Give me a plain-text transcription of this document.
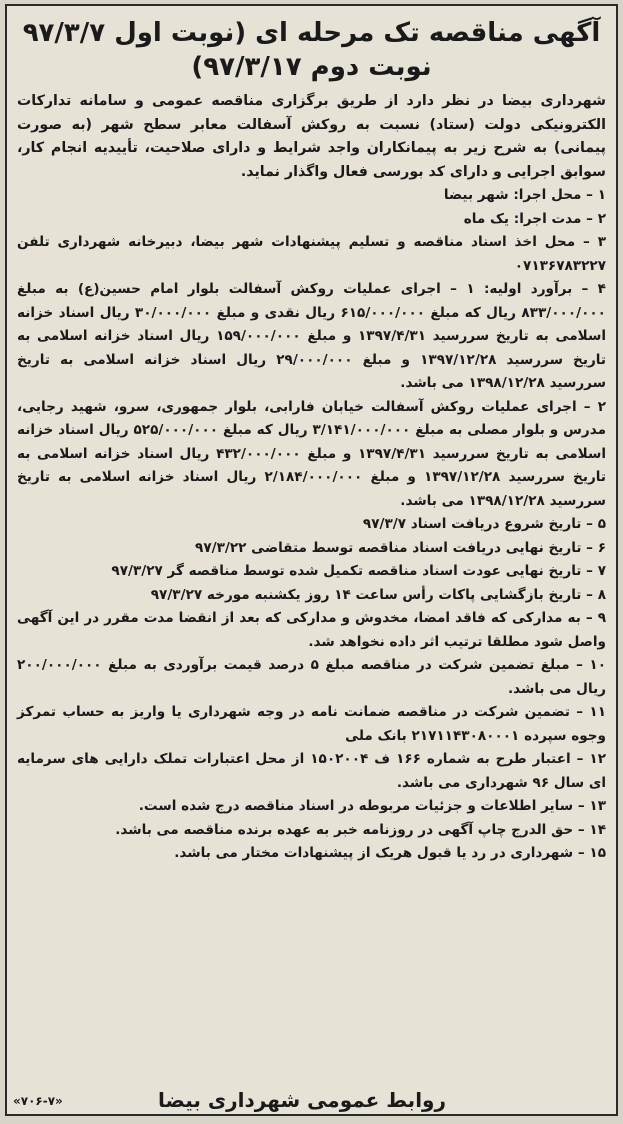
آگهی مناقصه تک مرحله ای (نوبت اول ۹۷/۳/۷
نوبت دوم ۹۷/۳/۱۷)

شهرداری بیضا در نظر دارد از طریق برگزاری مناقصه عمومی و سامانه تدارکات الکترونیکی دولت (ستاد) نسبت به روکش آسفالت معابر سطح شهر (به صورت پیمانی) به شرح زیر به پیمانکاران واجد شرایط و دارای صلاحیت، تأییدیه انجام کار، سوابق اجرایی و دارای کد بورسی فعال واگذار نماید.

۱ – محل اجرا: شهر بیضا
۲ – مدت اجرا: یک ماه
۳ – محل اخذ اسناد مناقصه و تسلیم پیشنهادات شهر بیضا، دبیرخانه شهرداری تلفن ۰۷۱۳۶۷۸۳۲۲۷
۴ – برآورد اولیه: ۱ – اجرای عملیات روکش آسفالت بلوار امام حسین(ع) به مبلغ ۸۳۳/۰۰۰/۰۰۰ ریال که مبلغ ۶۱۵/۰۰۰/۰۰۰ ریال نقدی و مبلغ ۳۰/۰۰۰/۰۰۰ ریال اسناد خزانه اسلامی به تاریخ سررسید ۱۳۹۷/۴/۳۱ و مبلغ ۱۵۹/۰۰۰/۰۰۰ ریال اسناد خزانه اسلامی به تاریخ سررسید ۱۳۹۷/۱۲/۲۸ و مبلغ ۲۹/۰۰۰/۰۰۰ ریال اسناد خزانه اسلامی به تاریخ سررسید ۱۳۹۸/۱۲/۲۸ می باشد.
۲ – اجرای عملیات روکش آسفالت خیابان فارابی، بلوار جمهوری، سرو، شهید رجایی، مدرس و بلوار مصلی به مبلغ ۳/۱۴۱/۰۰۰/۰۰۰ ریال که مبلغ ۵۲۵/۰۰۰/۰۰۰ ریال اسناد خزانه اسلامی به تاریخ سررسید ۱۳۹۷/۴/۳۱ و مبلغ ۴۳۲/۰۰۰/۰۰۰ ریال اسناد خزانه اسلامی به تاریخ سررسید ۱۳۹۷/۱۲/۲۸ و مبلغ ۲/۱۸۴/۰۰۰/۰۰۰ ریال اسناد خزانه اسلامی به تاریخ سررسید ۱۳۹۸/۱۲/۲۸ می باشد.
۵ – تاریخ شروع دریافت اسناد ۹۷/۳/۷
۶ – تاریخ نهایی دریافت اسناد مناقصه توسط متقاضی ۹۷/۳/۲۲
۷ – تاریخ نهایی عودت اسناد مناقصه تکمیل شده توسط مناقصه گر ۹۷/۳/۲۷
۸ – تاریخ بازگشایی پاکات رأس ساعت ۱۴ روز یکشنبه مورخه ۹۷/۳/۲۷
۹ – به مدارکی که فاقد امضا، مخدوش و مدارکی که بعد از انقضا مدت مقرر در این آگهی واصل شود مطلقا ترتیب اثر داده نخواهد شد.
۱۰ – مبلغ تضمین شرکت در مناقصه مبلغ ۵ درصد قیمت برآوردی به مبلغ ۲۰۰/۰۰۰/۰۰۰ ریال می باشد.
۱۱ – تضمین شرکت در مناقصه ضمانت نامه در وجه شهرداری یا واریز به حساب تمرکز وجوه سپرده ۲۱۷۱۱۴۳۰۸۰۰۰۱ بانک ملی
۱۲ – اعتبار طرح به شماره ۱۶۶ ف ۱۵۰۲۰۰۴ از محل اعتبارات تملک دارایی های سرمایه ای سال ۹۶ شهرداری می باشد.
۱۳ – سایر اطلاعات و جزئیات مربوطه در اسناد مناقصه درج شده است.
۱۴ – حق الدرج چاپ آگهی در روزنامه خبر به عهده برنده مناقصه می باشد.
۱۵ – شهرداری در رد یا قبول هریک از پیشنهادات مختار می باشد.
روابط عمومی شهرداری بیضا
«۷۰۶-۷»
